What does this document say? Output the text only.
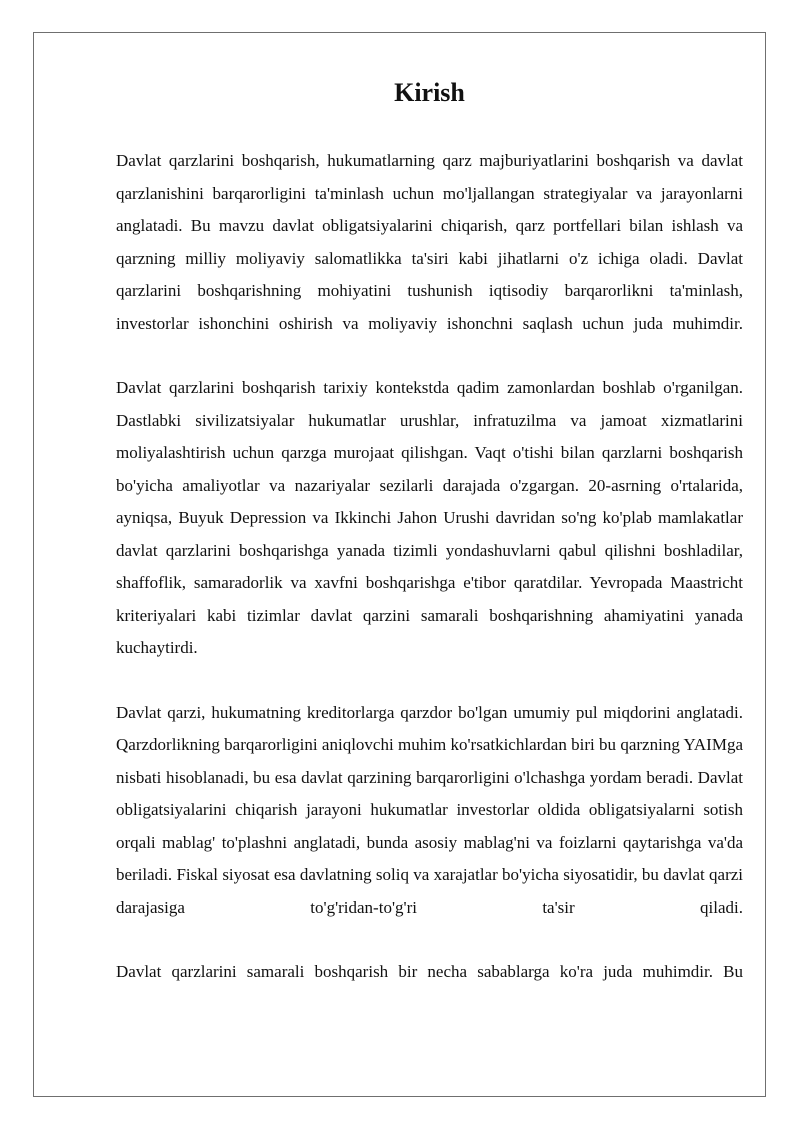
Kirish

Davlat qarzlarini boshqarish, hukumatlarning qarz majburiyatlarini boshqarish va davlat qarzlanishini barqarorligini ta'minlash uchun mo'ljallangan strategiyalar va jarayonlarni anglatadi. Bu mavzu davlat obligatsiyalarini chiqarish, qarz portfellari bilan ishlash va qarzning milliy moliyaviy salomatlikka ta'siri kabi jihatlarni o'z ichiga oladi. Davlat qarzlarini boshqarishning mohiyatini tushunish iqtisodiy barqarorlikni ta'minlash, investorlar ishonchini oshirish va moliyaviy ishonchni saqlash uchun juda muhimdir.

Davlat qarzlarini boshqarish tarixiy kontekstda qadim zamonlardan boshlab o'rganilgan. Dastlabki sivilizatsiyalar hukumatlar urushlar, infratuzilma va jamoat xizmatlarini moliyalashtirish uchun qarzga murojaat qilishgan. Vaqt o'tishi bilan qarzlarni boshqarish bo'yicha amaliyotlar va nazariyalar sezilarli darajada o'zgargan. 20-asrning o'rtalarida, ayniqsa, Buyuk Depression va Ikkinchi Jahon Urushi davridan so'ng ko'plab mamlakatlar davlat qarzlarini boshqarishga yanada tizimli yondashuvlarni qabul qilishni boshladilar, shaffoflik, samaradorlik va xavfni boshqarishga e'tibor qaratdilar. Yevropada Maastricht kriteriyalari kabi tizimlar davlat qarzini samarali boshqarishning ahamiyatini yanada kuchaytirdi.

Davlat qarzi, hukumatning kreditorlarga qarzdor bo'lgan umumiy pul miqdorini anglatadi. Qarzdorlikning barqarorligini aniqlovchi muhim ko'rsatkichlardan biri bu qarzning YAIMga nisbati hisoblanadi, bu esa davlat qarzining barqarorligini o'lchashga yordam beradi. Davlat obligatsiyalarini chiqarish jarayoni hukumatlar investorlar oldida obligatsiyalarni sotish orqali mablag' to'plashni anglatadi, bunda asosiy mablag'ni va foizlarni qaytarishga va'da beriladi. Fiskal siyosat esa davlatning soliq va xarajatlar bo'yicha siyosatidir, bu davlat qarzi darajasiga to'g'ridan-to'g'ri ta'sir qiladi.

Davlat qarzlarini samarali boshqarish bir necha sabablarga ko'ra juda muhimdir. Bu
